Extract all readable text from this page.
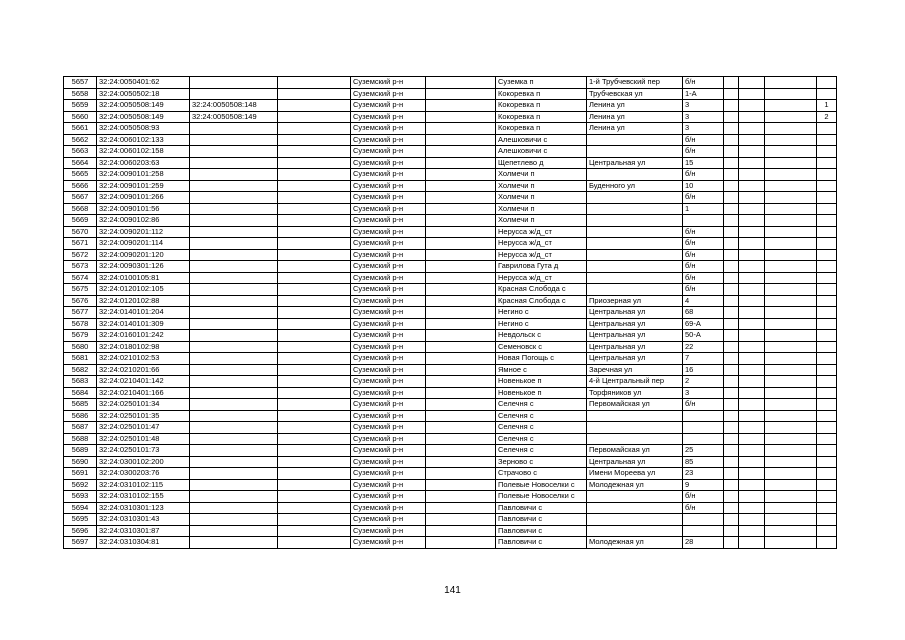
5657	32:24:0050401:62			Суземский р-н		Суземка п	1-й Трубчевский пер	б/н				
5658	32:24:0050502:18			Суземский р-н		Кокоревка п	Трубчевская ул	1-А				
5659	32:24:0050508:149	32:24:0050508:148		Суземский р-н		Кокоревка п	Ленина ул	3				1
5660	32:24:0050508:149	32:24:0050508:149		Суземский р-н		Кокоревка п	Ленина ул	3				2
5661	32:24:0050508:93			Суземский р-н		Кокоревка п	Ленина ул	3				
5662	32:24:0060102:133			Суземский р-н		Алешковичи с		б/н				
5663	32:24:0060102:158			Суземский р-н		Алешковичи с		б/н				
5664	32:24:0060203:63			Суземский р-н		Щепетлево д	Центральная ул	15				
5665	32:24:0090101:258			Суземский р-н		Холмечи п		б/н				
5666	32:24:0090101:259			Суземский р-н		Холмечи п	Буденного ул	10				
5667	32:24:0090101:266			Суземский р-н		Холмечи п		б/н				
5668	32:24:0090101:56			Суземский р-н		Холмечи п		1				
5669	32:24:0090102:86			Суземский р-н		Холмечи п						
5670	32:24:0090201:112			Суземский р-н		Нерусса ж/д_ст		б/н				
5671	32:24:0090201:114			Суземский р-н		Нерусса ж/д_ст		б/н				
5672	32:24:0090201:120			Суземский р-н		Нерусса ж/д_ст		б/н				
5673	32:24:0090301:126			Суземский р-н		Гаврилова Гута д		б/н				
5674	32:24:0100105:81			Суземский р-н		Нерусса ж/д_ст		б/н				
5675	32:24:0120102:105			Суземский р-н		Красная Слобода с		б/н				
5676	32:24:0120102:88			Суземский р-н		Красная Слобода с	Приозерная ул	4				
5677	32:24:0140101:204			Суземский р-н		Негино с	Центральная ул	68				
5678	32:24:0140101:309			Суземский р-н		Негино с	Центральная ул	69-А				
5679	32:24:0160101:242			Суземский р-н		Невдольск с	Центральная ул	50-А				
5680	32:24:0180102:98			Суземский р-н		Семеновск с	Центральная ул	22				
5681	32:24:0210102:53			Суземский р-н		Новая Погощь с	Центральная ул	7				
5682	32:24:0210201:66			Суземский р-н		Ямное с	Заречная ул	16				
5683	32:24:0210401:142			Суземский р-н		Новенькое п	4-й Центральный пер	2				
5684	32:24:0210401:166			Суземский р-н		Новенькое п	Торфяников ул	3				
5685	32:24:0250101:34			Суземский р-н		Селечня с	Первомайская ул	б/н				
5686	32:24:0250101:35			Суземский р-н		Селечня с						
5687	32:24:0250101:47			Суземский р-н		Селечня с						
5688	32:24:0250101:48			Суземский р-н		Селечня с						
5689	32:24:0250101:73			Суземский р-н		Селечня с	Первомайская ул	25				
5690	32:24:0300102:200			Суземский р-н		Зерново с	Центральная ул	85				
5691	32:24:0300203:76			Суземский р-н		Страчово с	Имени Мореева ул	23				
5692	32:24:0310102:115			Суземский р-н		Полевые Новоселки с	Молодежная ул	9				
5693	32:24:0310102:155			Суземский р-н		Полевые Новоселки с		б/н				
5694	32:24:0310301:123			Суземский р-н		Павловичи с		б/н				
5695	32:24:0310301:43			Суземский р-н		Павловичи с						
5696	32:24:0310301:87			Суземский р-н		Павловичи с						
5697	32:24:0310304:81			Суземский р-н		Павловичи с	Молодежная ул	28				
141
